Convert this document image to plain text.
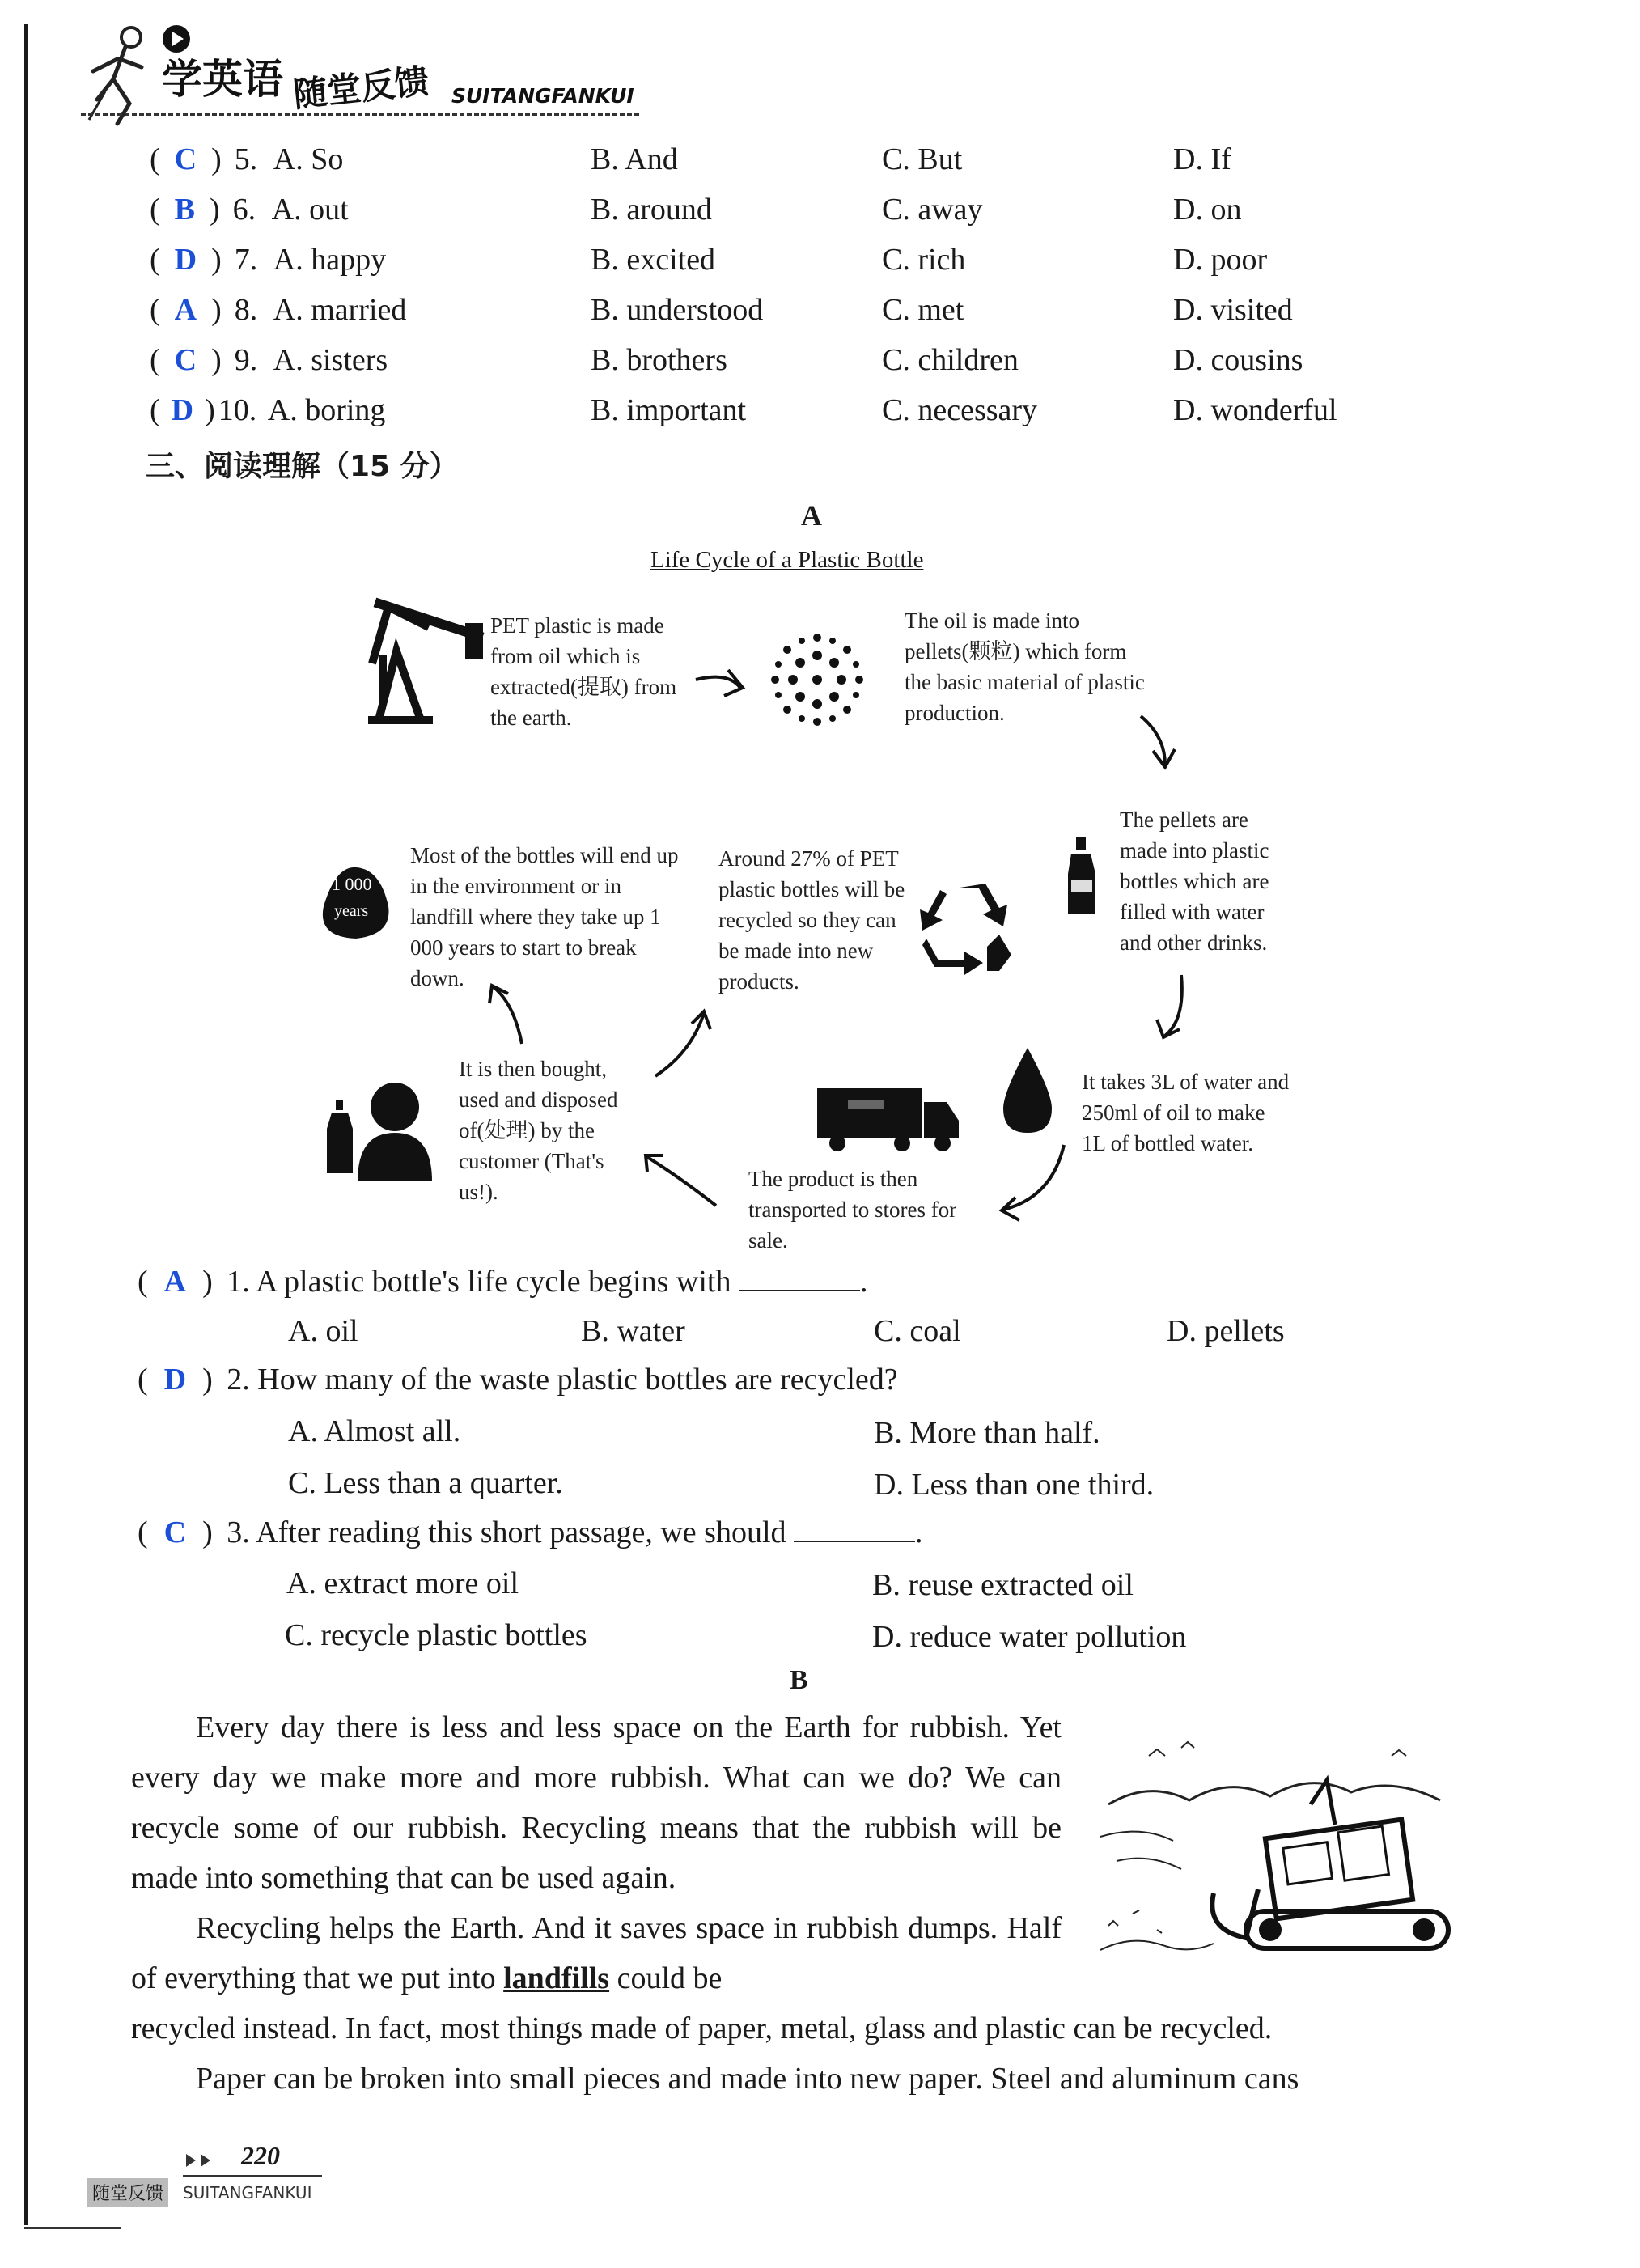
学英语 随堂反馈 SUITANGFANKUI
( C ) 5. A. So	B. And	C. But	D. If
( B ) 6. A. out	B. around	C. away	D. on
( D ) 7. A. happy	B. excited	C. rich	D. poor
( A ) 8. A. married	B. understood	C. met	D. visited
( C ) 9. A. sisters	B. brothers	C. children	D. cousins
( D ) 10. A. boring	B. important	C. necessary	D. wonderful
三、阅读理解（15 分）
A
Life Cycle of a Plastic Bottle
1 000
years
PET plastic is made from oil which is extracted(提取) from the earth.
The oil is made into pellets(颗粒) which form the basic material of plastic production.
The pellets are made into plastic bottles which are filled with water and other drinks.
It takes 3L of water and 250ml of oil to make 1L of bottled water.
The product is then transported to stores for sale.
It is then bought, used and disposed of(处理) by the customer (That's us!).
Around 27% of PET plastic bottles will be recycled so they can be made into new products.
Most of the bottles will end up in the environment or in landfill where they take up 1 000 years to start to break down.
( A ) 1. A plastic bottle's life cycle begins with	.
A. oil	B. water	C. coal	D. pellets
( D ) 2. How many of the waste plastic bottles are recycled?
A. Almost all.	B. More than half.
C. Less than a quarter.	D. Less than one third.
( C ) 3. After reading this short passage, we should	.
A. extract more oil	B. reuse extracted oil
C. recycle plastic bottles	D. reduce water pollution
B
Every day there is less and less space on the Earth for rubbish. Yet every day we make more and more rubbish. What can we do? We can recycle some of our rubbish. Recycling means that the rubbish will be made into something that can be used again.
Recycling helps the Earth. And it saves space in rubbish dumps. Half of everything that we put into landfills could be
recycled instead. In fact, most things made of paper, metal, glass and plastic can be recycled.
Paper can be broken into small pieces and made into new paper. Steel and aluminum cans
220
随堂反馈	SUITANGFANKUI
